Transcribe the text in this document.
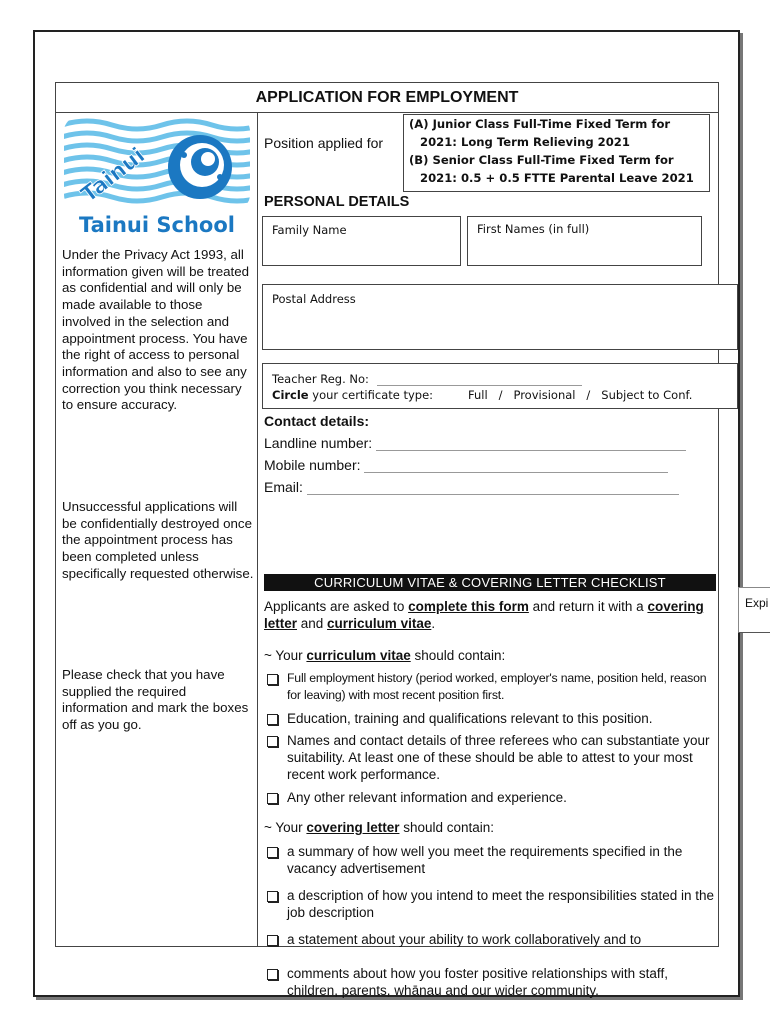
APPLICATION FOR EMPLOYMENT
Tainui
Tainui School
Under the Privacy Act 1993, all information given will be treated as confidential and will only be made available to those involved in the selection and appointment process. You have the right of access to personal information and also to see any correction you think necessary to ensure accuracy.
Unsuccessful applications will be confidentially destroyed once the appointment process has been completed unless specifically requested otherwise.
Please check that you have supplied the required information and mark the boxes off as you go.
Position applied for
(A) Junior Class Full-Time Fixed Term for
2021: Long Term Relieving 2021
(B) Senior Class Full-Time Fixed Term for
2021: 0.5 + 0.5 FTTE Parental Leave 2021
PERSONAL DETAILS
Family Name	First Names (in full)
Postal Address
Teacher Reg. No:
Circle your certificate type:	Full   /   Provisional   /   Subject to Conf.
Contact details:
Landline number:
Mobile number:
Email:
CURRICULUM VITAE & COVERING LETTER CHECKLIST
Applicants are asked to complete this form and return it with a covering letter and curriculum vitae.
~ Your curriculum vitae should contain:
Full employment history (period worked, employer's name, position held, reason for leaving) with most recent position first.
Education, training and qualifications relevant to this position.
Names and contact details of three referees who can substantiate your suitability. At least one of these should be able to attest to your most recent work performance.
Any other relevant information and experience.
~ Your covering letter should contain:
a summary of how well you meet the requirements specified in the vacancy advertisement
a description of how you intend to meet the responsibilities stated in the job description
a statement about your ability to work collaboratively and to
comments about how you foster positive relationships with staff, children, parents, whānau and our wider community.
Expi
